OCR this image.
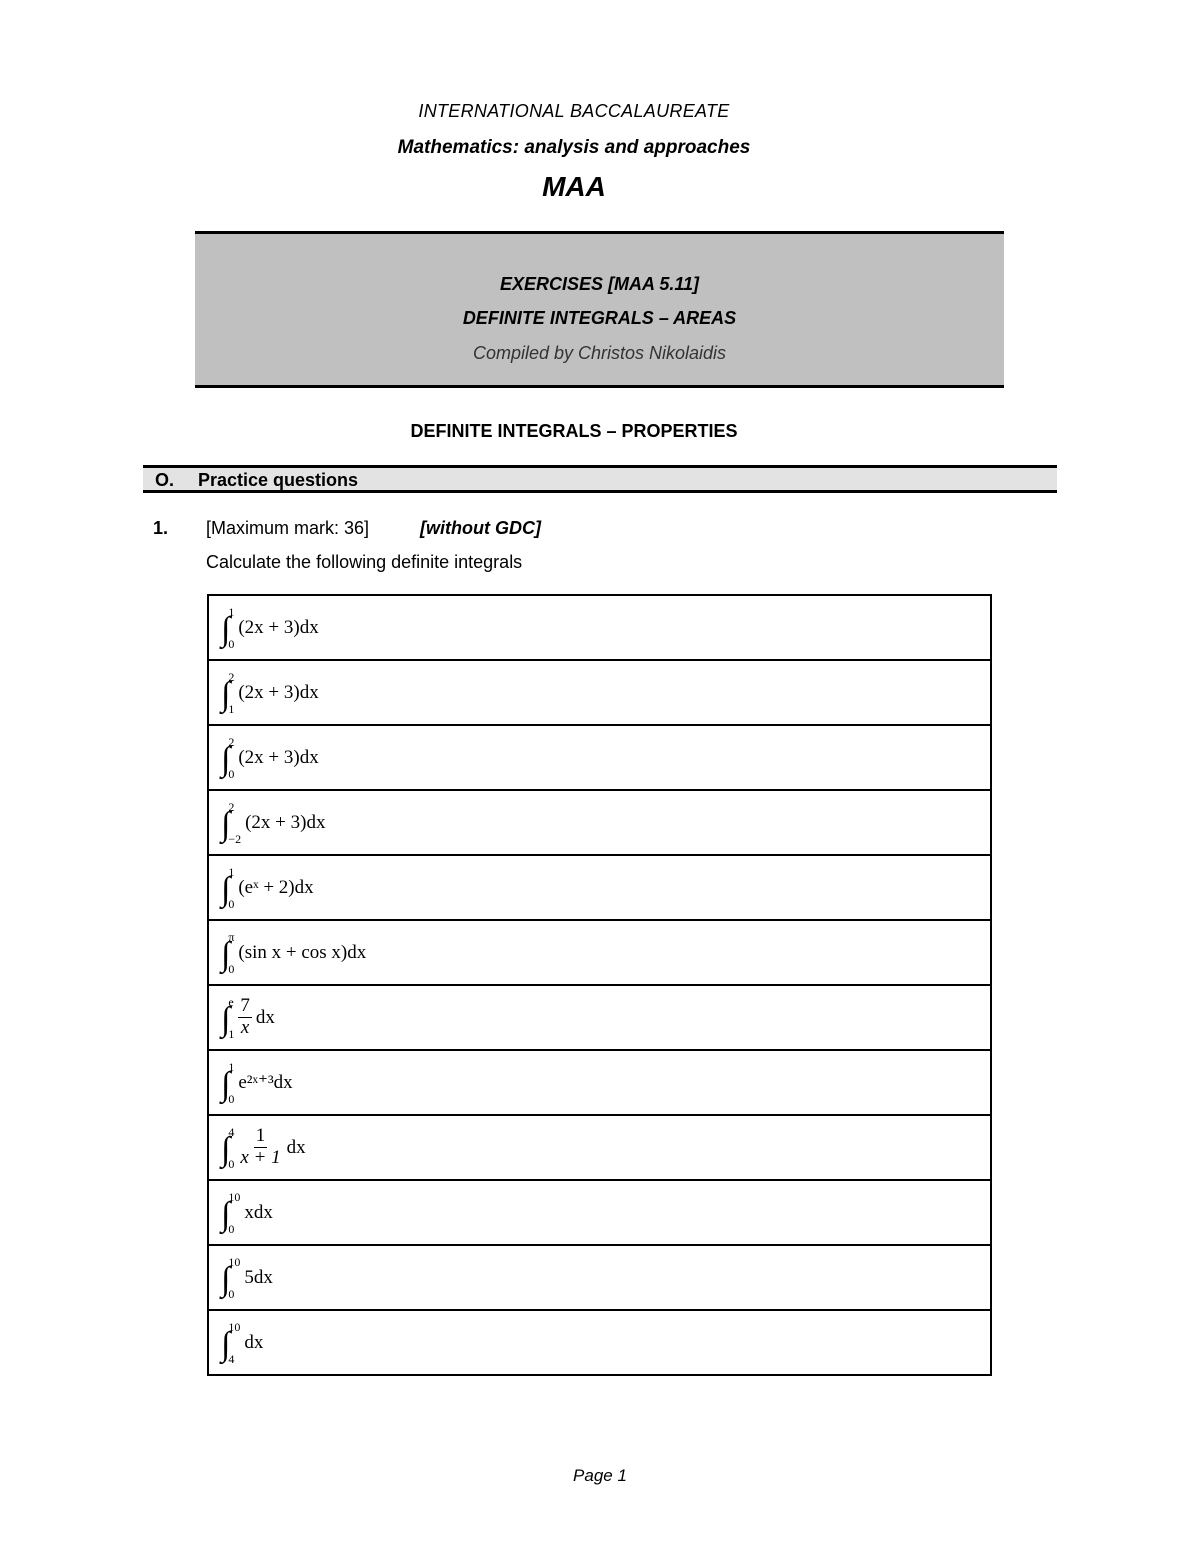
INTERNATIONAL BACCALAUREATE
Mathematics: analysis and approaches
MAA
EXERCISES [MAA 5.11]
DEFINITE INTEGRALS – AREAS
Compiled by Christos Nikolaidis
DEFINITE INTEGRALS – PROPERTIES
O. Practice questions
1. [Maximum mark: 36]	[without GDC]
Calculate the following definite integrals
∫
1
0
(2x + 3)dx

∫
2
1
(2x + 3)dx

∫
2
0
(2x + 3)dx

∫
2
−2
(2x + 3)dx

∫
1
0
(eˣ + 2)dx

∫
π
0
(sin x + cos x)dx

∫
e
$1 \frac{7}{x}$ dx

∫
1
0
e²ˣ⁺³dx

∫
4
$0 \frac{1}{x + 1}$ dx

∫
10
0
xdx

∫
10
0
5dx

∫
10
4
dx
Page 1
